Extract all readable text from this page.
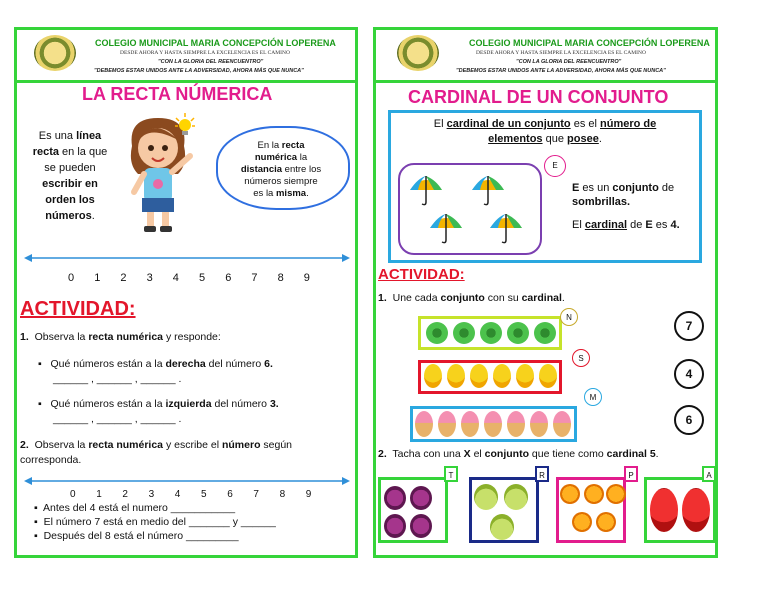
COLEGIO MUNICIPAL MARIA CONCEPCIÓN LOPERENA
DESDE AHORA Y HASTA SIEMPRE LA EXCELENCIA ES EL CAMINO
"CON LA GLORIA DEL REENCUENTRO"
"DEBEMOS ESTAR UNIDOS ANTE LA ADVERSIDAD, AHORA MÁS QUE NUNCA"
LA RECTA NÚMERICA
Es una línea
recta en la que
se pueden
escribir en
orden los
números.
En la recta
numérica la
distancia entre los
números siempre
es la misma.
0 1 2 3 4 5 6 7 8 9
ACTIVIDAD:
1. Observa la recta numérica y responde:
▪   Qué números están a la derecha del número 6.
______ , ______ , ______ .
▪   Qué números están a la izquierda del número 3.
______ , ______ , ______ .
2. Observa la recta numérica y escribe el número según
corresponda.
0 1 2 3 4 5 6 7 8 9
▪  Antes del 4 está el numero ___________
▪  El número 7 está en medio del _______ y ______
▪  Después del 8 está el número _________
COLEGIO MUNICIPAL MARIA CONCEPCIÓN LOPERENA
DESDE AHORA Y HASTA SIEMPRE LA EXCELENCIA ES EL CAMINO
"CON LA GLORIA DEL REENCUENTRO"
"DEBEMOS ESTAR UNIDOS ANTE LA ADVERSIDAD, AHORA MÁS QUE NUNCA"
CARDINAL DE UN CONJUNTO
El cardinal de un conjunto es el número de
elementos que posee.
E
E es un conjunto de
sombrillas.
El cardinal de E es 4.
ACTIVIDAD:
1. Une cada conjunto con su cardinal.
N
S
M
7
4
6
2. Tacha con una X el conjunto que tiene como cardinal 5.
T	R	P	A
